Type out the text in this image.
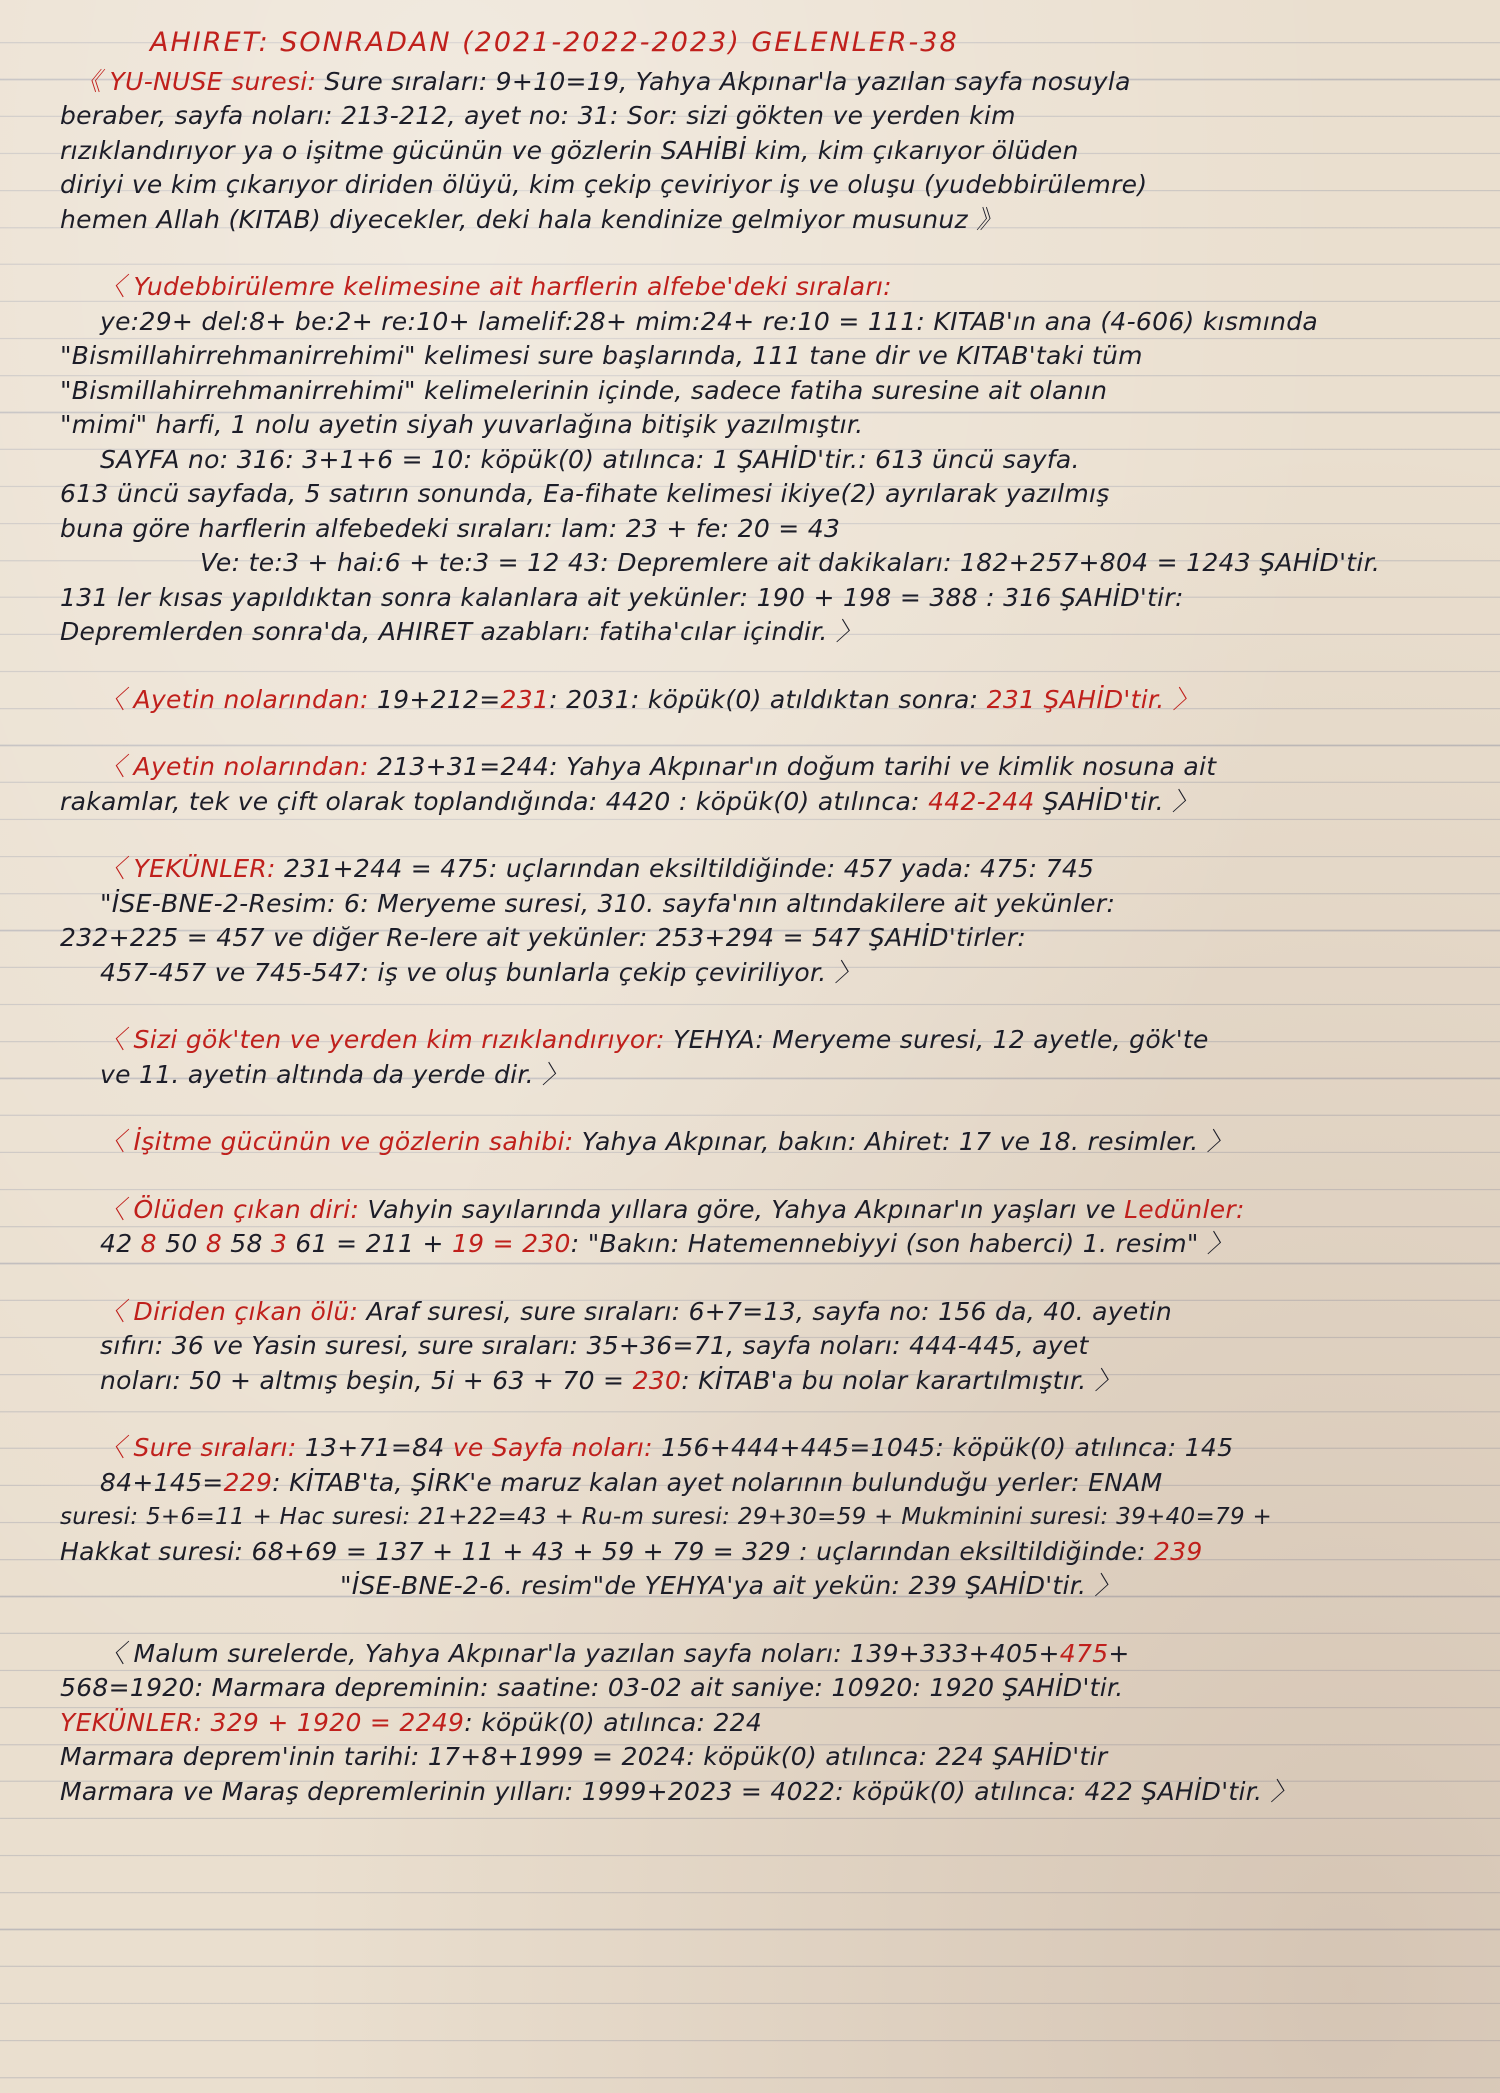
AHIRET: SONRADAN (2021-2022-2023) GELENLER-38
《 YU-NUSE suresi: Sure sıraları: 9+10=19, Yahya Akpınar'la yazılan sayfa nosuyla
beraber, sayfa noları: 213-212, ayet no: 31: Sor: sizi gökten ve yerden kim
rızıklandırıyor ya o işitme gücünün ve gözlerin SAHİBİ kim, kim çıkarıyor ölüden
diriyi ve kim çıkarıyor diriden ölüyü, kim çekip çeviriyor iş ve oluşu (yudebbirülemre)
hemen Allah (KITAB) diyecekler, deki hala kendinize gelmiyor musunuz 》
〈 Yudebbirülemre kelimesine ait harflerin alfebe'deki sıraları:
ye:29+ del:8+ be:2+ re:10+ lamelif:28+ mim:24+ re:10 = 111: KITAB'ın ana (4-606) kısmında
"Bismillahirrehmanirrehimi" kelimesi sure başlarında, 111 tane dir ve KITAB'taki tüm
"Bismillahirrehmanirrehimi" kelimelerinin içinde, sadece fatiha suresine ait olanın
"mimi" harfi, 1 nolu ayetin siyah yuvarlağına bitişik yazılmıştır.
SAYFA no: 316: 3+1+6 = 10: köpük(0) atılınca: 1 ŞAHİD'tir.: 613 üncü sayfa.
613 üncü sayfada, 5 satırın sonunda, Ea-fihate kelimesi ikiye(2) ayrılarak yazılmış
buna göre harflerin alfebedeki sıraları: lam: 23 + fe: 20 = 43
Ve: te:3 + hai:6 + te:3 = 12 43: Depremlere ait dakikaları: 182+257+804 = 1243 ŞAHİD'tir.
131 ler kısas yapıldıktan sonra kalanlara ait yekünler: 190 + 198 = 388 : 316 ŞAHİD'tir:
Depremlerden sonra'da, AHIRET azabları: fatiha'cılar içindir. 〉
〈 Ayetin nolarından: 19+212=231: 2031: köpük(0) atıldıktan sonra: 231 ŞAHİD'tir. 〉
〈 Ayetin nolarından: 213+31=244: Yahya Akpınar'ın doğum tarihi ve kimlik nosuna ait
rakamlar, tek ve çift olarak toplandığında: 4420 : köpük(0) atılınca: 442-244 ŞAHİD'tir. 〉
〈 YEKÜNLER: 231+244 = 475: uçlarından eksiltildiğinde: 457 yada: 475: 745
"İSE-BNE-2-Resim: 6: Meryeme suresi, 310. sayfa'nın altındakilere ait yekünler:
232+225 = 457 ve diğer Re-lere ait yekünler: 253+294 = 547 ŞAHİD'tirler:
457-457 ve 745-547: iş ve oluş bunlarla çekip çeviriliyor. 〉
〈 Sizi gök'ten ve yerden kim rızıklandırıyor: YEHYA: Meryeme suresi, 12 ayetle, gök'te
ve 11. ayetin altında da yerde dir. 〉
〈 İşitme gücünün ve gözlerin sahibi: Yahya Akpınar, bakın: Ahiret: 17 ve 18. resimler. 〉
〈 Ölüden çıkan diri: Vahyin sayılarında yıllara göre, Yahya Akpınar'ın yaşları ve Ledünler:
42 8 50 8 58 3 61 = 211 + 19 = 230: "Bakın: Hatemennebiyyi (son haberci) 1. resim" 〉
〈 Diriden çıkan ölü: Araf suresi, sure sıraları: 6+7=13, sayfa no: 156 da, 40. ayetin
sıfırı: 36 ve Yasin suresi, sure sıraları: 35+36=71, sayfa noları: 444-445, ayet
noları: 50 + altmış beşin, 5i + 63 + 70 = 230: KİTAB'a bu nolar karartılmıştır. 〉
〈 Sure sıraları: 13+71=84 ve Sayfa noları: 156+444+445=1045: köpük(0) atılınca: 145
84+145=229: KİTAB'ta, ŞİRK'e maruz kalan ayet nolarının bulunduğu yerler: ENAM
suresi: 5+6=11 + Hac suresi: 21+22=43 + Ru-m suresi: 29+30=59 + Mukminini suresi: 39+40=79 +
Hakkat suresi: 68+69 = 137 + 11 + 43 + 59 + 79 = 329 : uçlarından eksiltildiğinde: 239
"İSE-BNE-2-6. resim"de YEHYA'ya ait yekün: 239 ŞAHİD'tir. 〉
〈 Malum surelerde, Yahya Akpınar'la yazılan sayfa noları: 139+333+405+475+
568=1920: Marmara depreminin: saatine: 03-02 ait saniye: 10920: 1920 ŞAHİD'tir.
YEKÜNLER: 329 + 1920 = 2249: köpük(0) atılınca: 224
Marmara deprem'inin tarihi: 17+8+1999 = 2024: köpük(0) atılınca: 224 ŞAHİD'tir
Marmara ve Maraş depremlerinin yılları: 1999+2023 = 4022: köpük(0) atılınca: 422 ŞAHİD'tir. 〉
